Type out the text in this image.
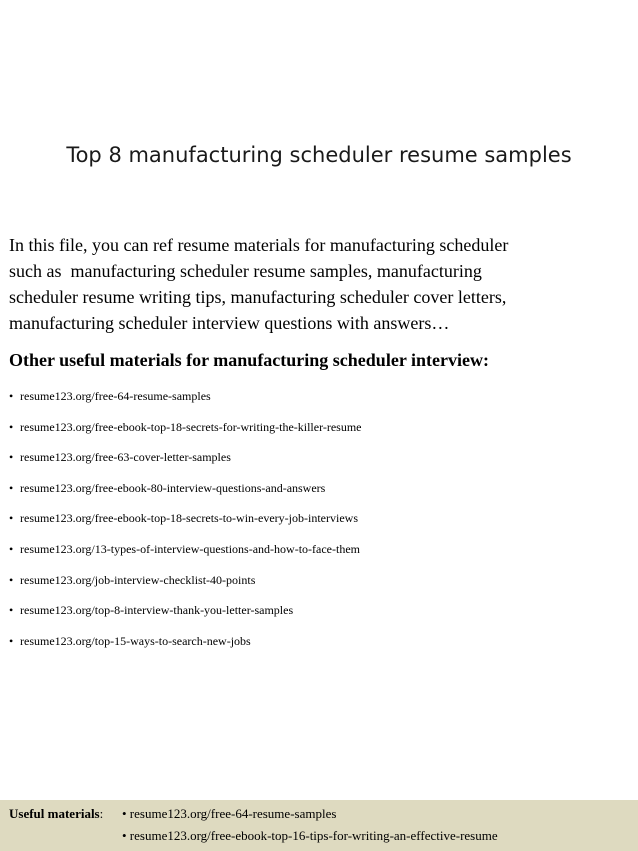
Top 8 manufacturing scheduler resume samples
In this file, you can ref resume materials for manufacturing scheduler
such as  manufacturing scheduler resume samples, manufacturing
scheduler resume writing tips, manufacturing scheduler cover letters,
manufacturing scheduler interview questions with answers…
Other useful materials for manufacturing scheduler interview:
• resume123.org/free-64-resume-samples
• resume123.org/free-ebook-top-18-secrets-for-writing-the-killer-resume
• resume123.org/free-63-cover-letter-samples
• resume123.org/free-ebook-80-interview-questions-and-answers
• resume123.org/free-ebook-top-18-secrets-to-win-every-job-interviews
• resume123.org/13-types-of-interview-questions-and-how-to-face-them
• resume123.org/job-interview-checklist-40-points
• resume123.org/top-8-interview-thank-you-letter-samples
• resume123.org/top-15-ways-to-search-new-jobs
Useful materials: • resume123.org/free-64-resume-samples
• resume123.org/free-ebook-top-16-tips-for-writing-an-effective-resume
